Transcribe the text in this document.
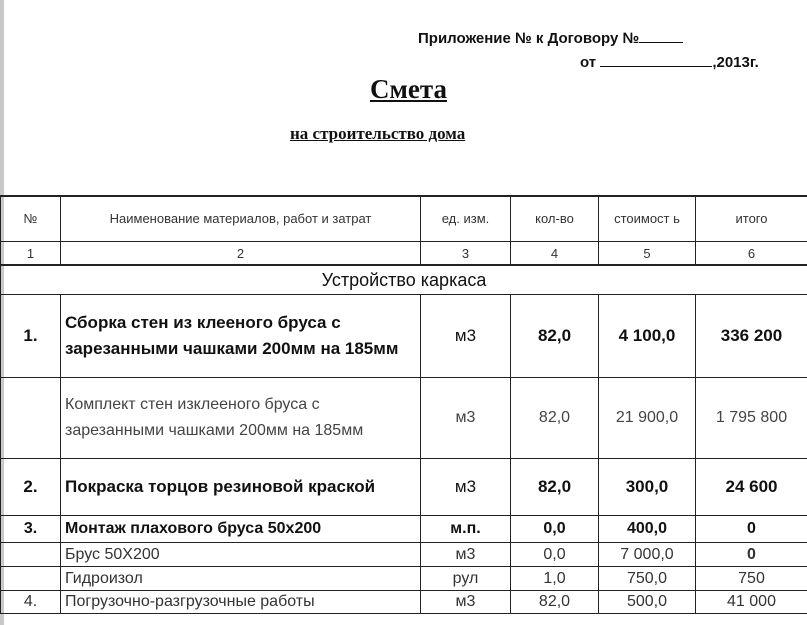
Приложение № к Договору №
от	,2013г.
Смета
на строительство дома
№	Наименование материалов, работ и затрат	ед. изм.	кол-во	стоимост ь	итого
1	2	3	4	5	6
Устройство каркаса					
1.	Сборка стен из клееного бруса с зарезанными чашками 200мм на 185мм	м3	82,0	4 100,0	336 200
	Комплект стен изклееного бруса с зарезанными чашками 200мм на 185мм	м3	82,0	21 900,0	1 795 800
2.	Покраска торцов резиновой краской	м3	82,0	300,0	24 600
3.	Монтаж плахового бруса 50х200	м.п.	0,0	400,0	0
	Брус 50Х200	м3	0,0	7 000,0	0
	Гидроизол	рул	1,0	750,0	750
4.	Погрузочно-разгрузочные работы	м3	82,0	500,0	41 000
